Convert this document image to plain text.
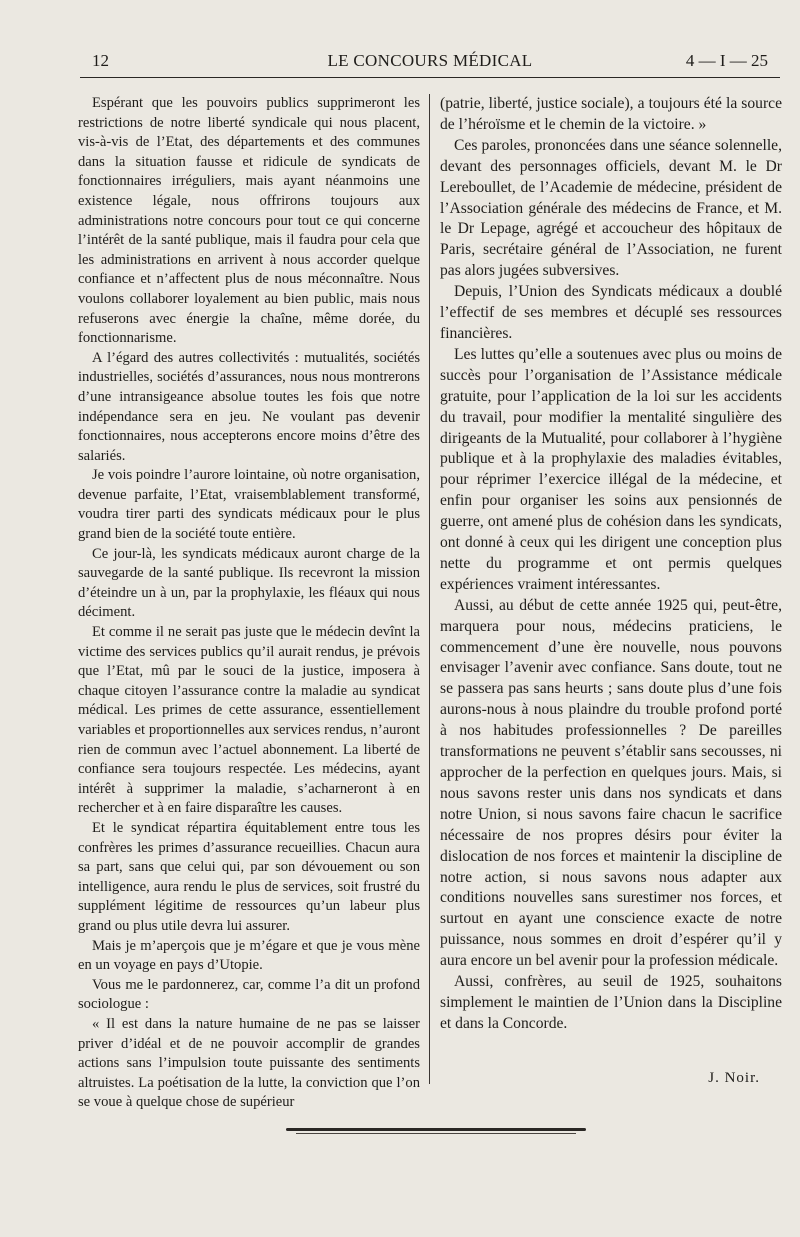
12	LE CONCOURS MÉDICAL	4 — I — 25

Espérant que les pouvoirs publics supprimeront les restrictions de notre liberté syndicale qui nous placent, vis-à-vis de l’Etat, des départements et des communes dans la situation fausse et ridicule de syndicats de fonctionnaires irréguliers, mais ayant néanmoins une existence légale, nous offrirons toujours aux administrations notre concours pour tout ce qui concerne l’intérêt de la santé publique, mais il faudra pour cela que les administrations en arrivent à nous accorder quelque confiance et n’affectent plus de nous méconnaître. Nous voulons collaborer loyalement au bien public, mais nous refuserons avec énergie la chaîne, même dorée, du fonctionnarisme.

A l’égard des autres collectivités : mutualités, sociétés industrielles, sociétés d’assurances, nous nous montrerons d’une intransigeance absolue toutes les fois que notre indépendance sera en jeu. Ne voulant pas devenir fonctionnaires, nous accepterons encore moins d’être des salariés.

Je vois poindre l’aurore lointaine, où notre organisation, devenue parfaite, l’Etat, vraisemblablement transformé, voudra tirer parti des syndicats médicaux pour le plus grand bien de la société toute entière.

Ce jour-là, les syndicats médicaux auront charge de la sauvegarde de la santé publique. Ils recevront la mission d’éteindre un à un, par la prophylaxie, les fléaux qui nous déciment.

Et comme il ne serait pas juste que le médecin devînt la victime des services publics qu’il aurait rendus, je prévois que l’Etat, mû par le souci de la justice, imposera à chaque citoyen l’assurance contre la maladie au syndicat médical. Les primes de cette assurance, essentiellement variables et proportionnelles aux services rendus, n’auront rien de commun avec l’actuel abonnement. La liberté de confiance sera toujours respectée. Les médecins, ayant intérêt à supprimer la maladie, s’acharneront à en rechercher et à en faire disparaître les causes.

Et le syndicat répartira équitablement entre tous les confrères les primes d’assurance recueillies. Chacun aura sa part, sans que celui qui, par son dévouement ou son intelligence, aura rendu le plus de services, soit frustré du supplément légitime de ressources qu’un labeur plus grand ou plus utile devra lui assurer.

Mais je m’aperçois que je m’égare et que je vous mène en un voyage en pays d’Utopie.

Vous me le pardonnerez, car, comme l’a dit un profond sociologue :

« Il est dans la nature humaine de ne pas se laisser priver d’idéal et de ne pouvoir accomplir de grandes actions sans l’impulsion toute puissante des sentiments altruistes. La poétisation de la lutte, la conviction que l’on se voue à quelque chose de supérieur

(patrie, liberté, justice sociale), a toujours été la source de l’héroïsme et le chemin de la victoire. »

Ces paroles, prononcées dans une séance solennelle, devant des personnages officiels, devant M. le Dr Lereboullet, de l’Academie de médecine, président de l’Association générale des médecins de France, et M. le Dr Lepage, agrégé et accoucheur des hôpitaux de Paris, secrétaire général de l’Association, ne furent pas alors jugées subversives.

Depuis, l’Union des Syndicats médicaux a doublé l’effectif de ses membres et décuplé ses ressources financières.

Les luttes qu’elle a soutenues avec plus ou moins de succès pour l’organisation de l’Assistance médicale gratuite, pour l’application de la loi sur les accidents du travail, pour modifier la mentalité singulière des dirigeants de la Mutualité, pour collaborer à l’hygiène publique et à la prophylaxie des maladies évitables, pour réprimer l’exercice illégal de la médecine, et enfin pour organiser les soins aux pensionnés de guerre, ont amené plus de cohésion dans les syndicats, ont donné à ceux qui les dirigent une conception plus nette du programme et ont permis quelques expériences vraiment intéressantes.

Aussi, au début de cette année 1925 qui, peut-être, marquera pour nous, médecins praticiens, le commencement d’une ère nouvelle, nous pouvons envisager l’avenir avec confiance. Sans doute, tout ne se passera pas sans heurts ; sans doute plus d’une fois aurons-nous à nous plaindre du trouble profond porté à nos habitudes professionnelles ? De pareilles transformations ne peuvent s’établir sans secousses, ni approcher de la perfection en quelques jours. Mais, si nous savons rester unis dans nos syndicats et dans notre Union, si nous savons faire chacun le sacrifice nécessaire de nos propres désirs pour éviter la dislocation de nos forces et maintenir la discipline de notre action, si nous savons nous adapter aux conditions nouvelles sans surestimer nos forces, et surtout en ayant une conscience exacte de notre puissance, nous sommes en droit d’espérer qu’il y aura encore un bel avenir pour la profession médicale.

Aussi, confrères, au seuil de 1925, souhaitons simplement le maintien de l’Union dans la Discipline et dans la Concorde.

J. Noir.
